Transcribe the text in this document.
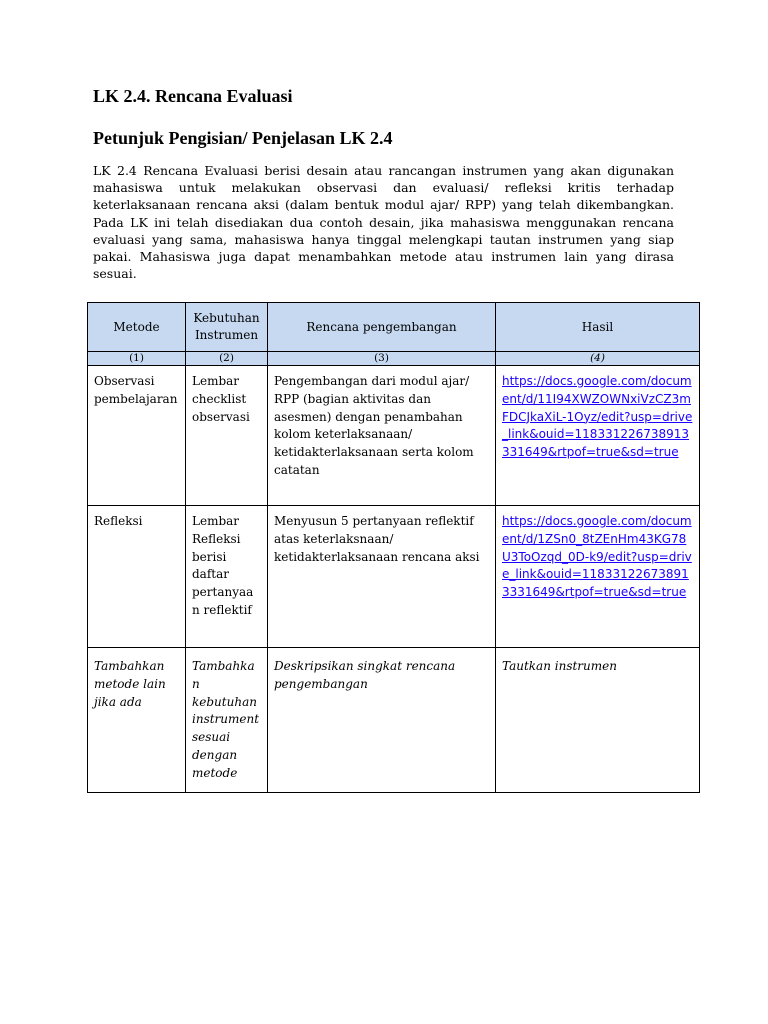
LK 2.4. Rencana Evaluasi
Petunjuk Pengisian/ Penjelasan LK 2.4

LK 2.4 Rencana Evaluasi berisi desain atau rancangan instrumen yang akan digunakan mahasiswa untuk melakukan observasi dan evaluasi/ refleksi kritis terhadap keterlaksanaan rencana aksi (dalam bentuk modul ajar/ RPP) yang telah dikembangkan. Pada LK ini telah disediakan dua contoh desain, jika mahasiswa menggunakan rencana evaluasi yang sama, mahasiswa hanya tinggal melengkapi tautan instrumen yang siap pakai. Mahasiswa juga dapat menambahkan metode atau instrumen lain yang dirasa sesuai.

Metode	Kebutuhan Instrumen	Rencana pengembangan	Hasil
(1)	(2)	(3)	(4)
Observasi pembelajaran	Lembar checklist observasi	Pengembangan dari modul ajar/ RPP (bagian aktivitas dan asesmen) dengan penambahan kolom keterlaksanaan/ ketidakterlaksanaan serta kolom catatan	https://docs.google.com/document/d/11I94XWZOWNxiVzCZ3mFDCJkaXiL-1Oyz/edit?usp=drive_link&ouid=118331226738913331649&rtpof=true&sd=true
Refleksi	Lembar Refleksi berisi daftar pertanyaan reflektif	Menyusun 5 pertanyaan reflektif atas keterlaksnaan/ ketidakterlaksanaan rencana aksi	https://docs.google.com/document/d/1ZSn0_8tZEnHm43KG78U3ToOzqd_0D-k9/edit?usp=drive_link&ouid=118331226738913331649&rtpof=true&sd=true
Tambahkan metode lain jika ada	Tambahkan kebutuhan instrument sesuai dengan metode	Deskripsikan singkat rencana pengembangan	Tautkan instrumen
